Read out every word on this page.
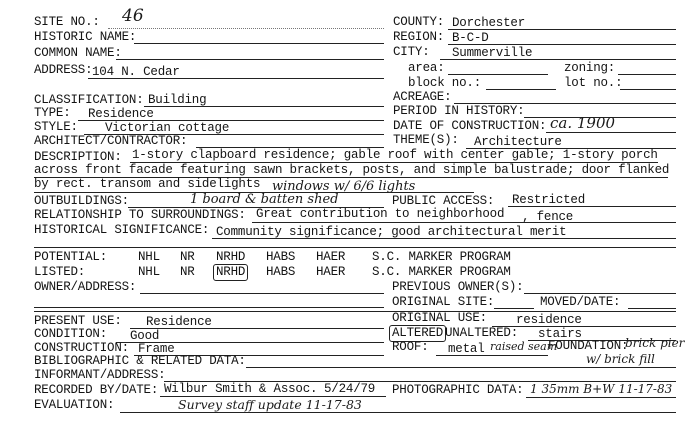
SITE NO.: 46
HISTORIC NAME:
COMMON NAME:
ADDRESS: 104 N. Cedar
COUNTY: Dorchester
REGION: B-C-D
CITY: Summerville
area:	zoning:
block no.:	lot no.:
CLASSIFICATION: Building
TYPE: Residence
STYLE: Victorian cottage
ARCHITECT/CONTRACTOR:
ACREAGE:
PERIOD IN HISTORY:
DATE OF CONSTRUCTION: ca. 1900
THEME(S): Architecture
DESCRIPTION: 1-story clapboard residence; gable roof with center gable; 1-story porch
across front facade featuring sawn brackets, posts, and simple balustrade; door flanked
by rect. transom and sidelights windows w/ 6/6 lights
OUTBUILDINGS:	1 board & batten shed	PUBLIC ACCESS: Restricted
RELATIONSHIP TO SURROUNDINGS: Great contribution to neighborhood , fence
HISTORICAL SIGNIFICANCE: Community significance; good architectural merit
POTENTIAL: NHL NR NRHD HABS HAER S.C. MARKER PROGRAM
LISTED:	NHL NR NRHD HABS HAER S.C. MARKER PROGRAM
OWNER/ADDRESS:	PREVIOUS OWNER(S):
ORIGINAL SITE:	MOVED/DATE:
PRESENT USE: Residence	ORIGINAL USE: residence
CONDITION: Good	ALTERED UNALTERED: stairs
CONSTRUCTION: Frame	ROOF: metal raised seam
FOUNDATION:
brick pier
w/ brick fill
BIBLIOGRAPHIC & RELATED DATA:
INFORMANT/ADDRESS:
RECORDED BY/DATE: Wilbur Smith & Assoc. 5/24/79 PHOTOGRAPHIC DATA: 1 35mm B+W 11-17-83
EVALUATION:	Survey staff update 11-17-83
